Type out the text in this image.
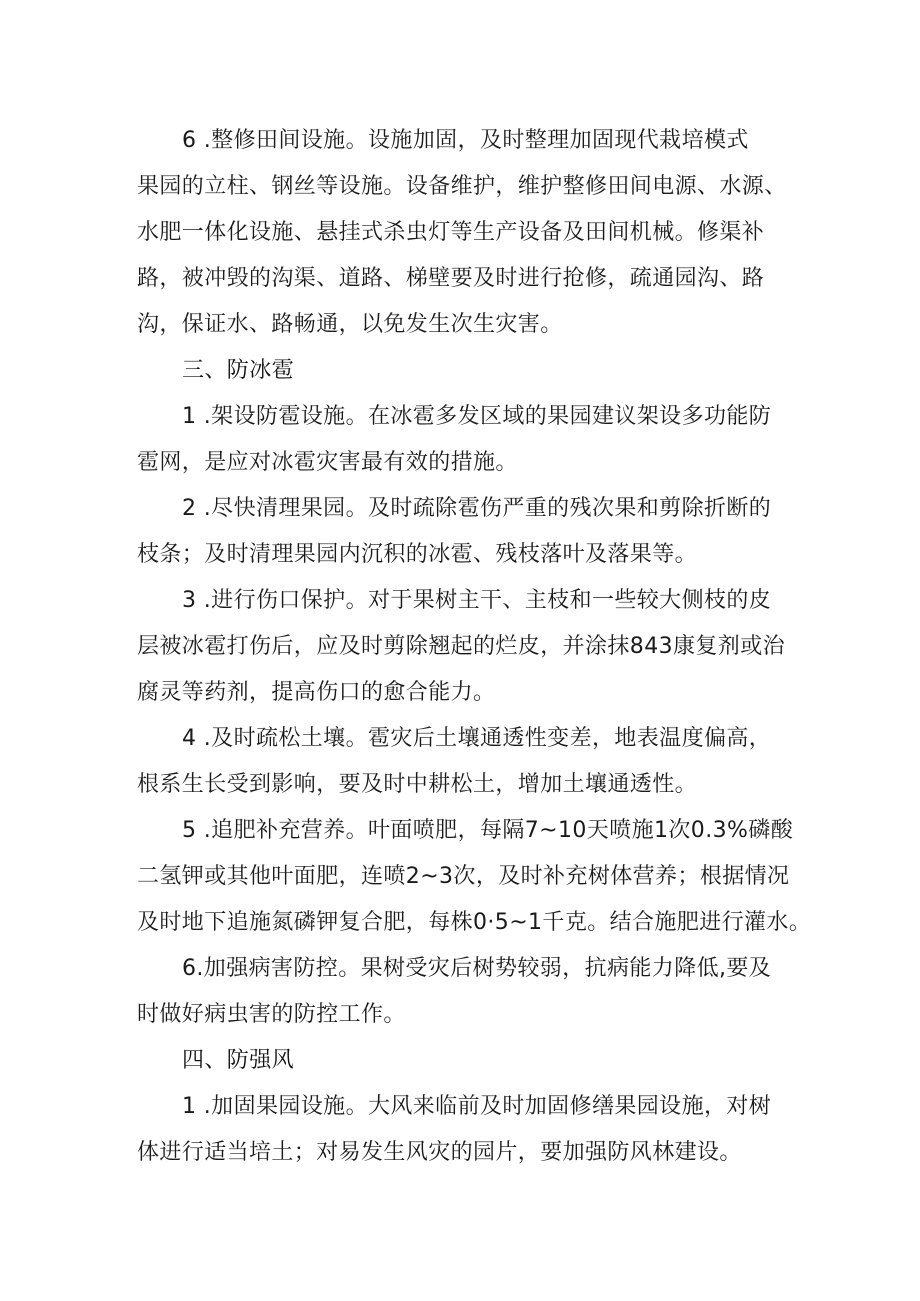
6 .整修田间设施。设施加固，及时整理加固现代栽培模式
果园的立柱、钢丝等设施。设备维护，维护整修田间电源、水源、
水肥一体化设施、悬挂式杀虫灯等生产设备及田间机械。修渠补
路，被冲毁的沟渠、道路、梯壁要及时进行抢修，疏通园沟、路
沟，保证水、路畅通，以免发生次生灾害。
三、防冰雹
1 .架设防雹设施。在冰雹多发区域的果园建议架设多功能防
雹网，是应对冰雹灾害最有效的措施。
2 .尽快清理果园。及时疏除雹伤严重的残次果和剪除折断的
枝条；及时清理果园内沉积的冰雹、残枝落叶及落果等。
3 .进行伤口保护。对于果树主干、主枝和一些较大侧枝的皮
层被冰雹打伤后，应及时剪除翘起的烂皮，并涂抹843康复剂或治
腐灵等药剂，提高伤口的愈合能力。
4 .及时疏松土壤。雹灾后土壤通透性变差，地表温度偏高，
根系生长受到影响，要及时中耕松土，增加土壤通透性。
5 .追肥补充营养。叶面喷肥，每隔7~10天喷施1次0.3%磷酸
二氢钾或其他叶面肥，连喷2~3次，及时补充树体营养；根据情况
及时地下追施氮磷钾复合肥，每株0·5~1千克。结合施肥进行灌水。
6.加强病害防控。果树受灾后树势较弱，抗病能力降低,要及
时做好病虫害的防控工作。
四、防强风
1 .加固果园设施。大风来临前及时加固修缮果园设施，对树
体进行适当培土；对易发生风灾的园片，要加强防风林建设。
